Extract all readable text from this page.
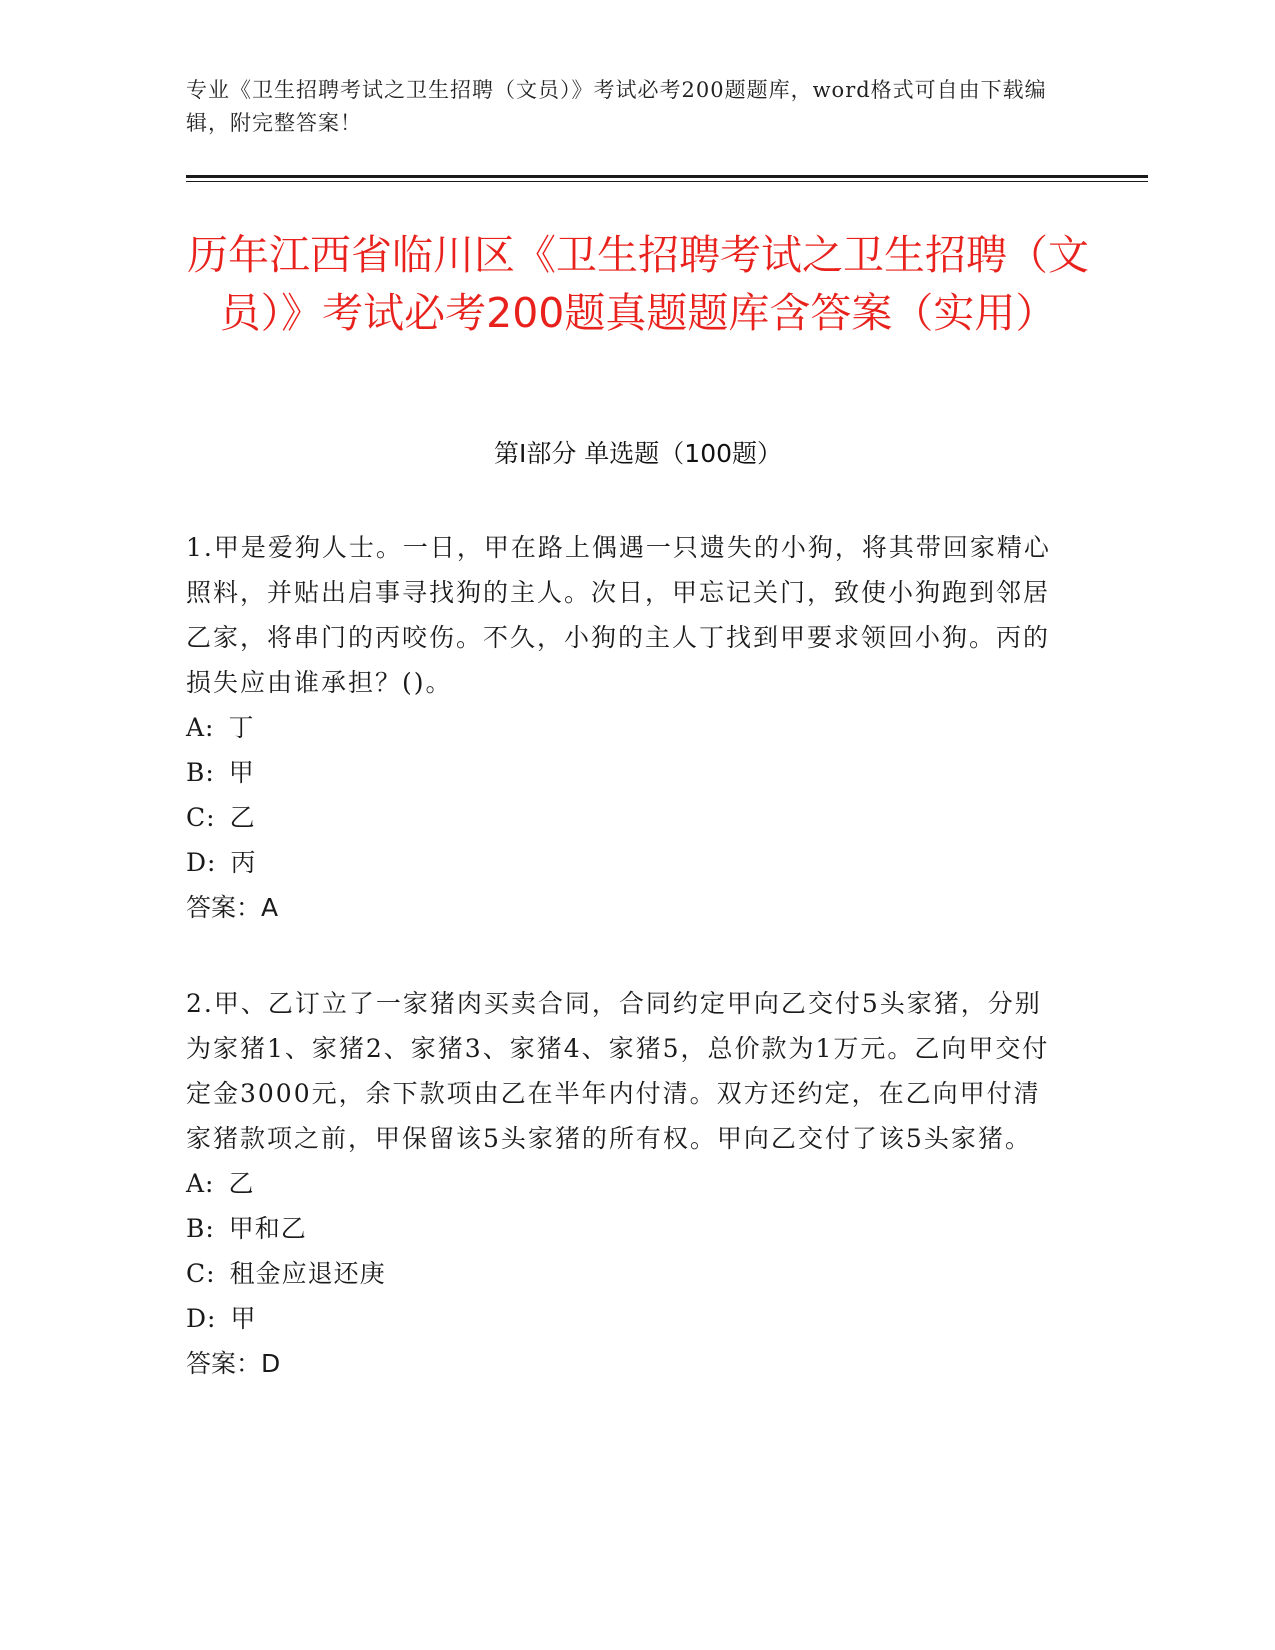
专业《卫生招聘考试之卫生招聘（文员）》考试必考200题题库，word格式可自由下载编辑，附完整答案！
历年江西省临川区《卫生招聘考试之卫生招聘（文员）》考试必考200题真题题库含答案（实用）
第Ⅰ部分 单选题（100题）

1.甲是爱狗人士。一日，甲在路上偶遇一只遗失的小狗，将其带回家精心照料，并贴出启事寻找狗的主人。次日，甲忘记关门，致使小狗跑到邻居乙家，将串门的丙咬伤。不久，小狗的主人丁找到甲要求领回小狗。丙的损失应由谁承担？()。

A: 丁

B: 甲

C: 乙

D: 丙

答案：A

2.甲、乙订立了一家猪肉买卖合同，合同约定甲向乙交付5头家猪，分别为家猪1、家猪2、家猪3、家猪4、家猪5，总价款为1万元。乙向甲交付定金3000元，余下款项由乙在半年内付清。双方还约定，在乙向甲付清家猪款项之前，甲保留该5头家猪的所有权。甲向乙交付了该5头家猪。

A: 乙

B: 甲和乙

C: 租金应退还庚

D: 甲

答案：D
